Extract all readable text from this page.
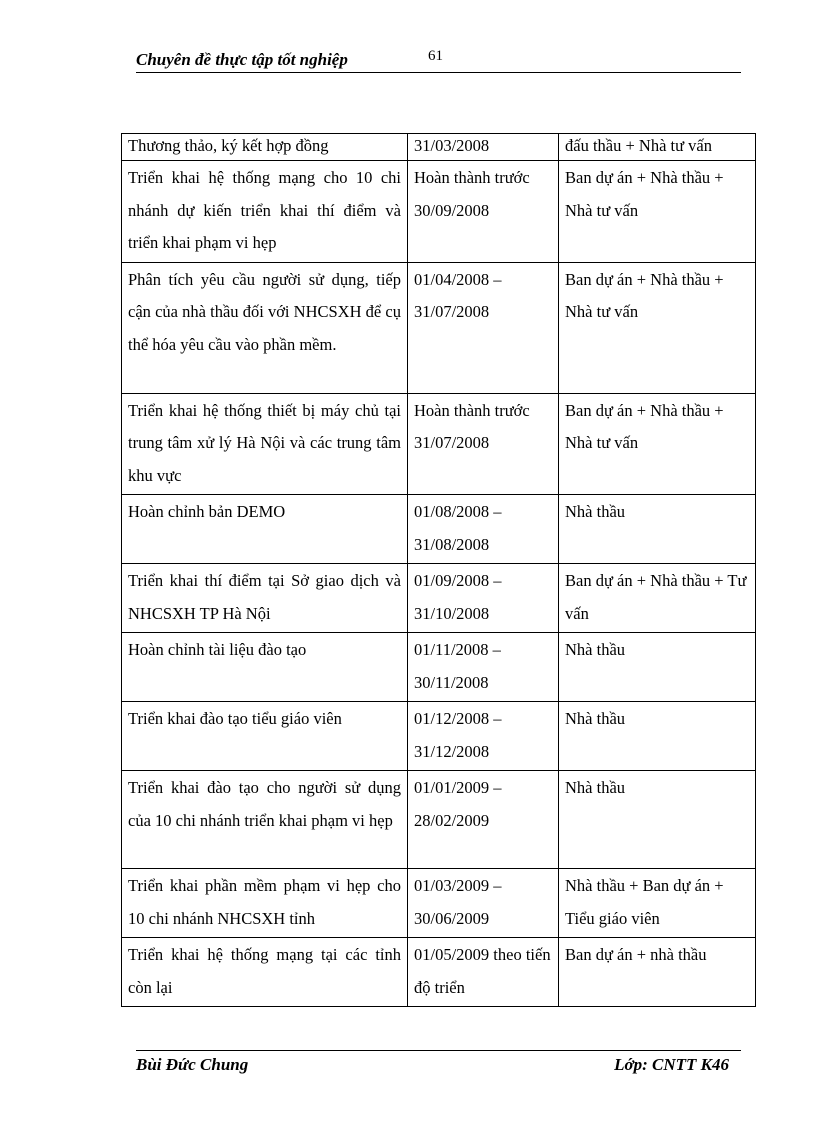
Chuyên đề thực tập tốt nghiệp	61
Thương thảo, ký kết hợp đồng	31/03/2008	đấu thầu + Nhà tư vấn
Triển khai hệ thống mạng cho 10 chi nhánh dự kiến triển khai thí điểm và triển khai phạm vi hẹp	Hoàn thành trước 30/09/2008	Ban dự án + Nhà thầu + Nhà tư vấn
Phân tích yêu cầu người sử dụng, tiếp cận của nhà thầu đối với NHCSXH để cụ thể hóa yêu cầu vào phần mềm.	01/04/2008 – 31/07/2008	Ban dự án + Nhà thầu + Nhà tư vấn
Triển khai hệ thống thiết bị máy chủ tại trung tâm xử lý Hà Nội và các trung tâm khu vực	Hoàn thành trước 31/07/2008	Ban dự án + Nhà thầu + Nhà tư vấn
Hoàn chỉnh bản DEMO	01/08/2008 – 31/08/2008	Nhà thầu
Triển khai thí điểm tại Sở giao dịch và NHCSXH TP Hà Nội	01/09/2008 – 31/10/2008	Ban dự án + Nhà thầu + Tư vấn
Hoàn chỉnh tài liệu đào tạo	01/11/2008 – 30/11/2008	Nhà thầu
Triển khai đào tạo tiểu giáo viên	01/12/2008 – 31/12/2008	Nhà thầu
Triển khai đào tạo cho người sử dụng của 10 chi nhánh triển khai phạm vi hẹp	01/01/2009 – 28/02/2009	Nhà thầu
Triển khai phần mềm phạm vi hẹp cho 10 chi nhánh NHCSXH tỉnh	01/03/2009 –30/06/2009	Nhà thầu + Ban dự án + Tiểu giáo viên
Triển khai hệ thống mạng tại các tỉnh còn lại	01/05/2009 theo tiến độ triển	Ban dự án + nhà thầu
Bùi Đức Chung	Lớp: CNTT K46
